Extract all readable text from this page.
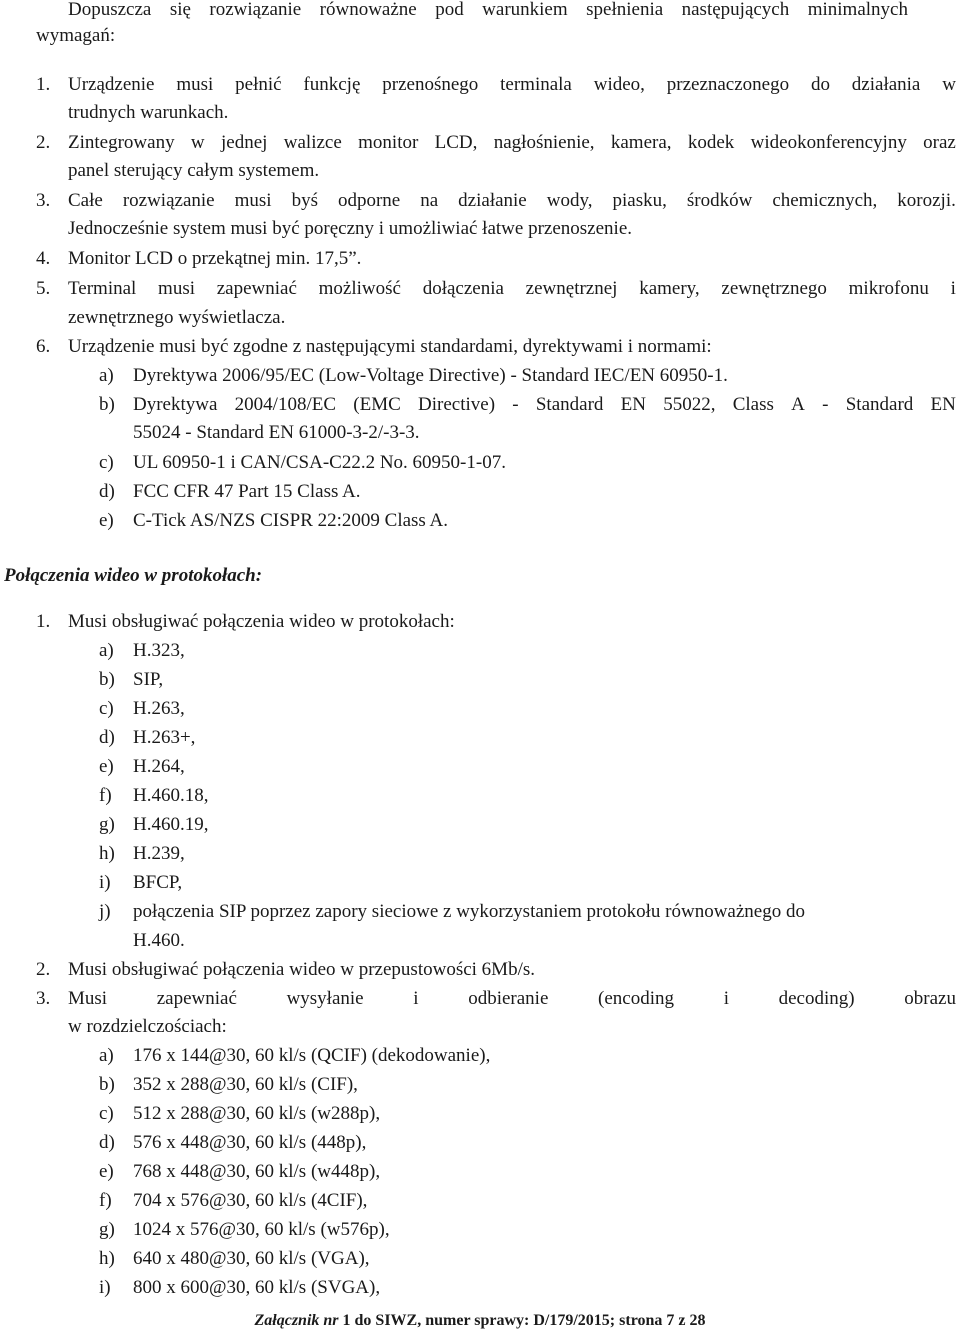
Dopuszcza się rozwiązanie równoważne pod warunkiem spełnienia następujących minimalnych
wymagań:
1. Urządzenie musi pełnić funkcję przenośnego terminala wideo, przeznaczonego do działania w
trudnych warunkach.
2. Zintegrowany w jednej walizce monitor LCD, nagłośnienie, kamera, kodek wideokonferencyjny oraz
panel sterujący całym systemem.
3. Całe rozwiązanie musi byś odporne na działanie wody, piasku, środków chemicznych, korozji.
Jednocześnie system musi być poręczny i umożliwiać łatwe przenoszenie.
4. Monitor LCD o przekątnej min. 17,5”.
5. Terminal musi zapewniać możliwość dołączenia zewnętrznej kamery, zewnętrznego mikrofonu i
zewnętrznego wyświetlacza.
6. Urządzenie musi być zgodne z następującymi standardami, dyrektywami i normami:
a) Dyrektywa 2006/95/EC (Low-Voltage Directive) - Standard IEC/EN 60950-1.
b) Dyrektywa 2004/108/EC (EMC Directive) - Standard EN 55022, Class A - Standard EN
55024 - Standard EN 61000-3-2/-3-3.
c) UL 60950-1 i CAN/CSA-C22.2 No. 60950-1-07.
d) FCC CFR 47 Part 15 Class A.
e) C-Tick AS/NZS CISPR 22:2009 Class A.
Połączenia wideo w protokołach:
1. Musi obsługiwać połączenia wideo w protokołach:
a) H.323,
b) SIP,
c) H.263,
d) H.263+,
e) H.264,
f) H.460.18,
g) H.460.19,
h) H.239,
i) BFCP,
j) połączenia SIP poprzez zapory sieciowe z wykorzystaniem protokołu równoważnego do
H.460.
2. Musi obsługiwać połączenia wideo w przepustowości 6Mb/s.
3. Musi	zapewniać	wysyłanie	i	odbieranie	(encoding	i	decoding)	obrazu
w rozdzielczościach:
a) 176 x 144@30, 60 kl/s (QCIF) (dekodowanie),
b) 352 x 288@30, 60 kl/s (CIF),
c) 512 x 288@30, 60 kl/s (w288p),
d) 576 x 448@30, 60 kl/s (448p),
e) 768 x 448@30, 60 kl/s (w448p),
f) 704 x 576@30, 60 kl/s (4CIF),
g) 1024 x 576@30, 60 kl/s (w576p),
h) 640 x 480@30, 60 kl/s (VGA),
i) 800 x 600@30, 60 kl/s (SVGA),
Załącznik nr 1 do SIWZ, numer sprawy: D/179/2015; strona 7 z 28
